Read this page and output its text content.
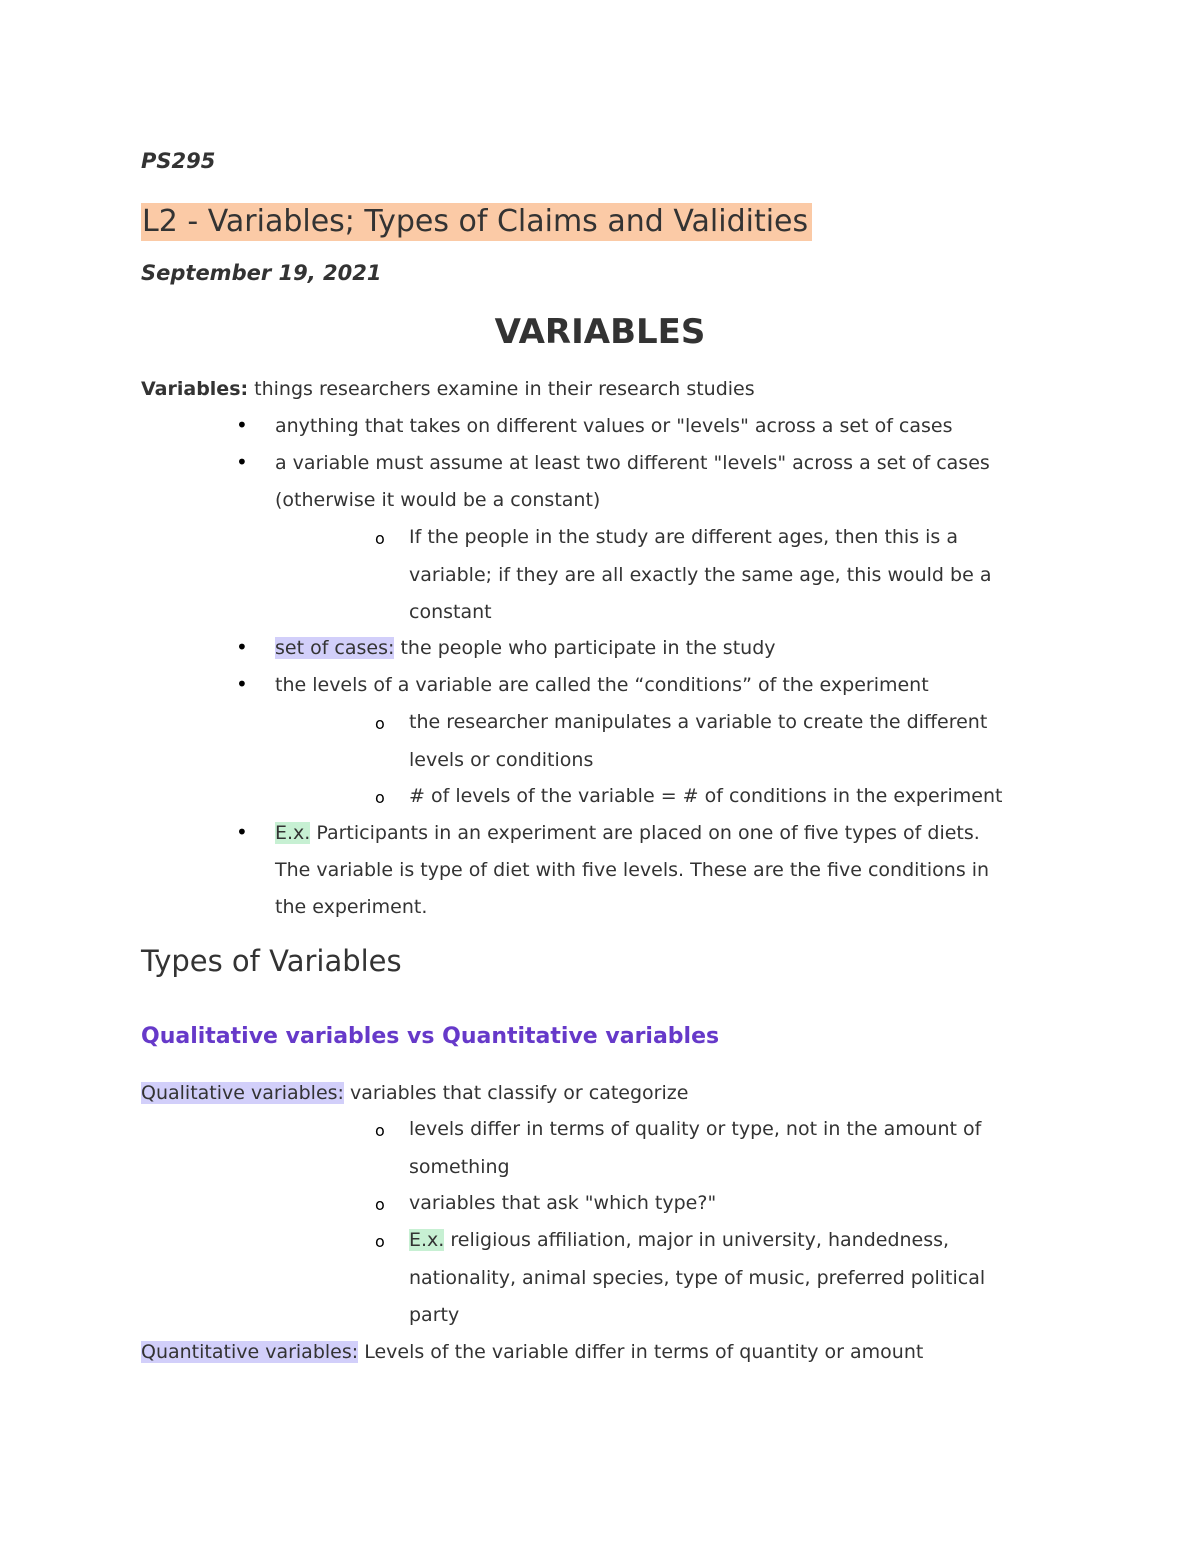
PS295
L2 - Variables; Types of Claims and Validities
September 19, 2021
VARIABLES
Variables: things researchers examine in their research studies
• anything that takes on different values or "levels" across a set of cases
• a variable must assume at least two different "levels" across a set of cases
(otherwise it would be a constant)
o If the people in the study are different ages, then this is a
variable; if they are all exactly the same age, this would be a
constant
• set of cases: the people who participate in the study
• the levels of a variable are called the “conditions” of the experiment
o the researcher manipulates a variable to create the different
levels or conditions
o # of levels of the variable = # of conditions in the experiment
• E.x. Participants in an experiment are placed on one of five types of diets.
The variable is type of diet with five levels. These are the five conditions in
the experiment.
Types of Variables
Qualitative variables vs Quantitative variables
Qualitative variables: variables that classify or categorize
o levels differ in terms of quality or type, not in the amount of
something
o variables that ask "which type?"
o E.x. religious affiliation, major in university, handedness,
nationality, animal species, type of music, preferred political
party
Quantitative variables: Levels of the variable differ in terms of quantity or amount
